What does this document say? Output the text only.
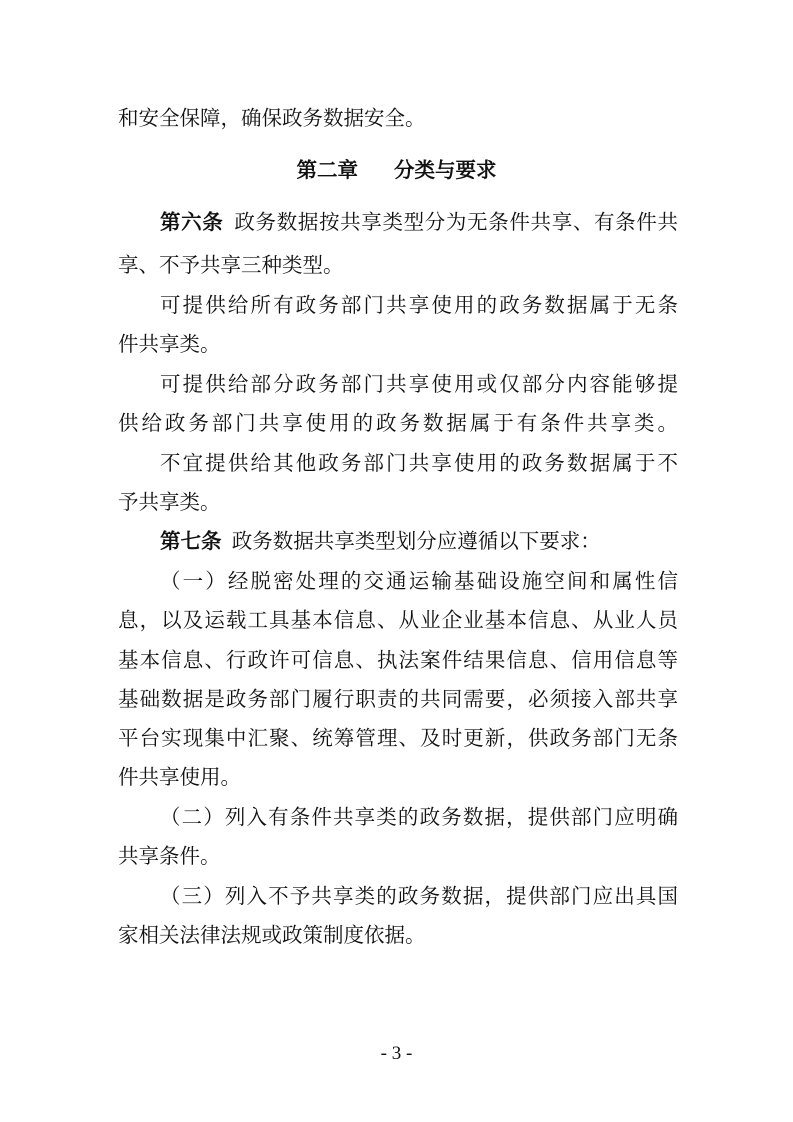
和安全保障，确保政务数据安全。
第二章 分类与要求
第六条  政务数据按共享类型分为无条件共享、有条件共
享、不予共享三种类型。
可提供给所有政务部门共享使用的政务数据属于无条
件共享类。
可提供给部分政务部门共享使用或仅部分内容能够提
供给政务部门共享使用的政务数据属于有条件共享类。
不宜提供给其他政务部门共享使用的政务数据属于不
予共享类。
第七条  政务数据共享类型划分应遵循以下要求：
（一）经脱密处理的交通运输基础设施空间和属性信
息，以及运载工具基本信息、从业企业基本信息、从业人员
基本信息、行政许可信息、执法案件结果信息、信用信息等
基础数据是政务部门履行职责的共同需要，必须接入部共享
平台实现集中汇聚、统筹管理、及时更新，供政务部门无条
件共享使用。
（二）列入有条件共享类的政务数据，提供部门应明确
共享条件。
（三）列入不予共享类的政务数据，提供部门应出具国
家相关法律法规或政策制度依据。
- 3 -
